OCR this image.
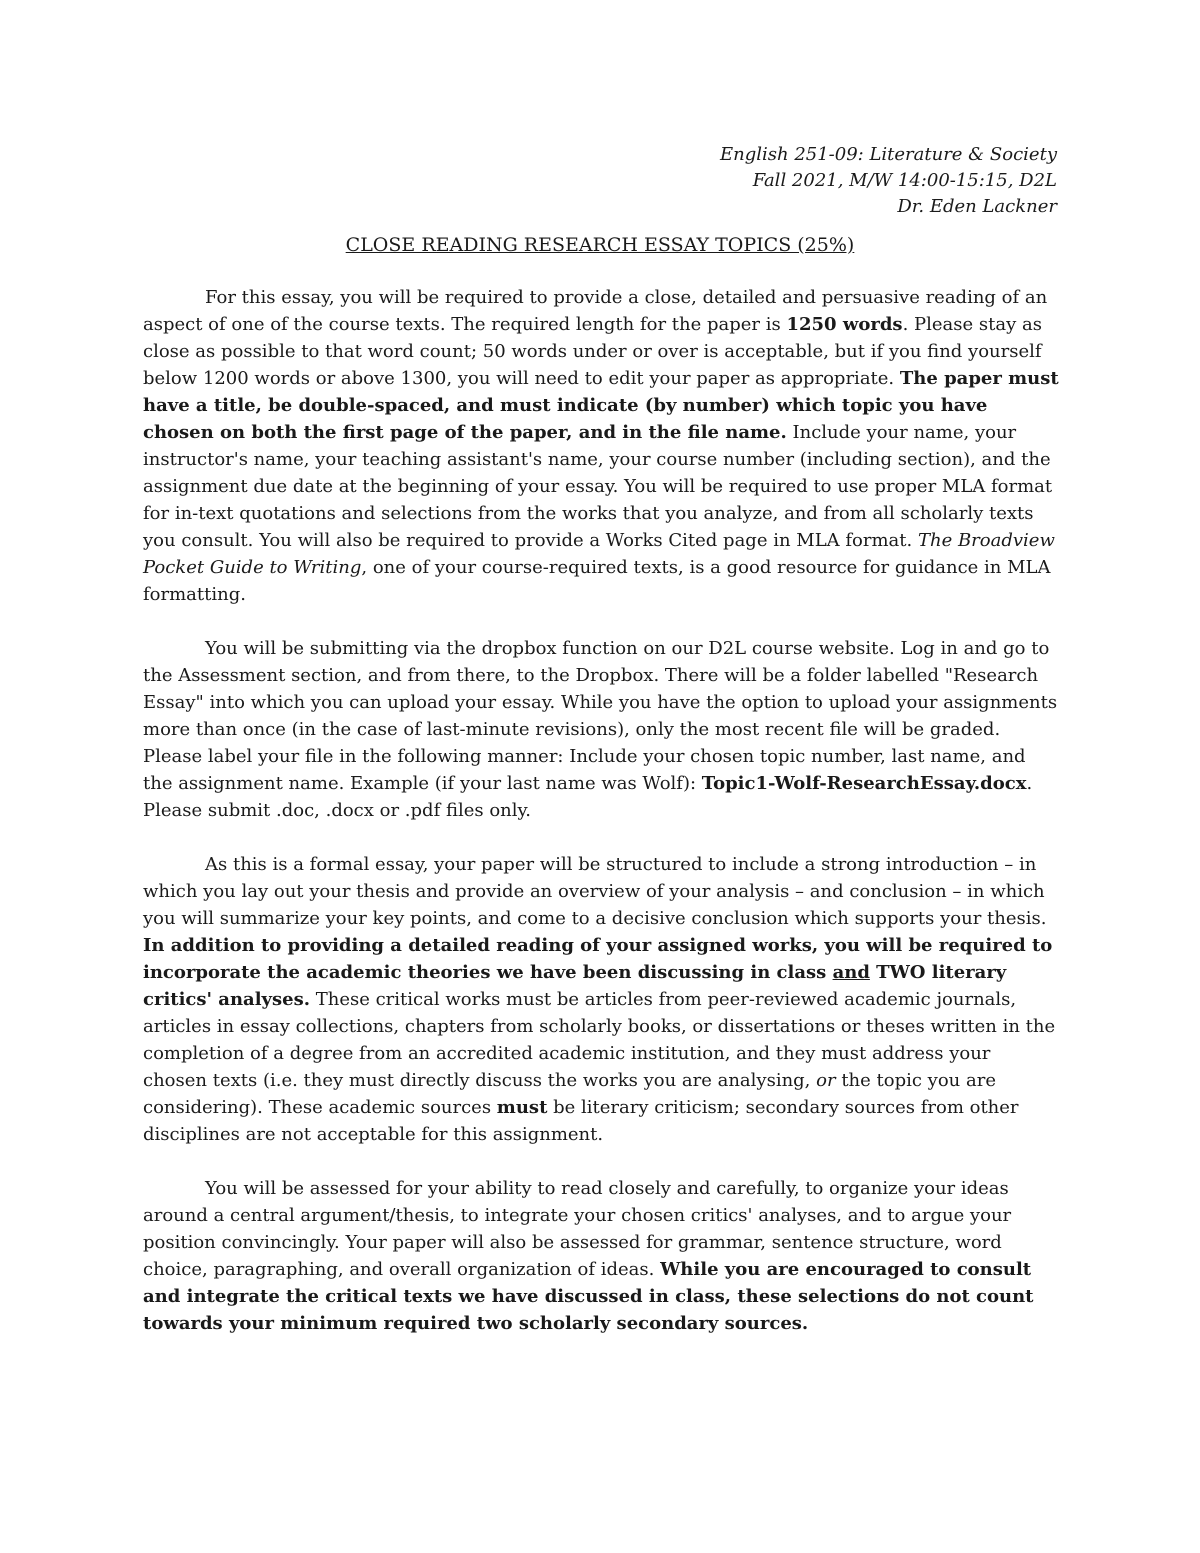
English 251-09: Literature & Society
Fall 2021, M/W 14:00-15:15, D2L
Dr. Eden Lackner
CLOSE READING RESEARCH ESSAY TOPICS (25%)

For this essay, you will be required to provide a close, detailed and persuasive reading of an aspect of one of the course texts. The required length for the paper is 1250 words. Please stay as close as possible to that word count; 50 words under or over is acceptable, but if you find yourself below 1200 words or above 1300, you will need to edit your paper as appropriate. The paper must have a title, be double-spaced, and must indicate (by number) which topic you have chosen on both the first page of the paper, and in the file name. Include your name, your instructor's name, your teaching assistant's name, your course number (including section), and the assignment due date at the beginning of your essay. You will be required to use proper MLA format for in-text quotations and selections from the works that you analyze, and from all scholarly texts you consult. You will also be required to provide a Works Cited page in MLA format. The Broadview Pocket Guide to Writing, one of your course-required texts, is a good resource for guidance in MLA formatting.

You will be submitting via the dropbox function on our D2L course website. Log in and go to the Assessment section, and from there, to the Dropbox. There will be a folder labelled "Research Essay" into which you can upload your essay. While you have the option to upload your assignments more than once (in the case of last-minute revisions), only the most recent file will be graded. Please label your file in the following manner: Include your chosen topic number, last name, and the assignment name. Example (if your last name was Wolf): Topic1-Wolf-ResearchEssay.docx. Please submit .doc, .docx or .pdf files only.

As this is a formal essay, your paper will be structured to include a strong introduction – in which you lay out your thesis and provide an overview of your analysis – and conclusion – in which you will summarize your key points, and come to a decisive conclusion which supports your thesis. In addition to providing a detailed reading of your assigned works, you will be required to incorporate the academic theories we have been discussing in class and TWO literary critics' analyses. These critical works must be articles from peer-reviewed academic journals, articles in essay collections, chapters from scholarly books, or dissertations or theses written in the completion of a degree from an accredited academic institution, and they must address your chosen texts (i.e. they must directly discuss the works you are analysing, or the topic you are considering). These academic sources must be literary criticism; secondary sources from other disciplines are not acceptable for this assignment.

You will be assessed for your ability to read closely and carefully, to organize your ideas around a central argument/thesis, to integrate your chosen critics' analyses, and to argue your position convincingly. Your paper will also be assessed for grammar, sentence structure, word choice, paragraphing, and overall organization of ideas. While you are encouraged to consult and integrate the critical texts we have discussed in class, these selections do not count towards your minimum required two scholarly secondary sources.
